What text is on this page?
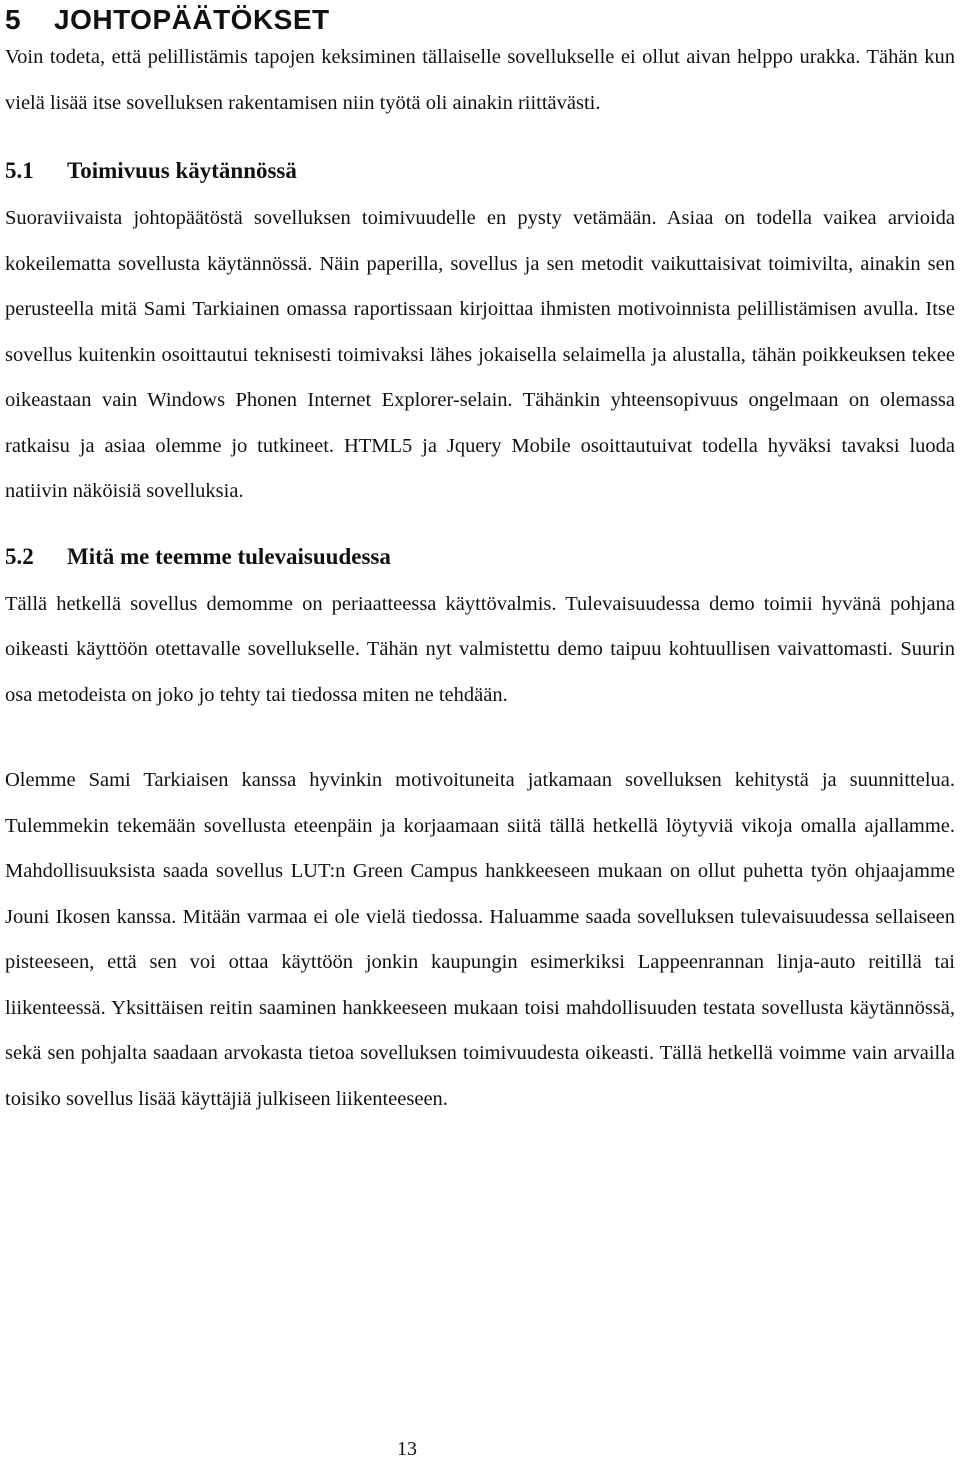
5 JOHTOPÄÄTÖKSET

Voin todeta, että pelillistämis tapojen keksiminen tällaiselle sovellukselle ei ollut aivan helppo urakka. Tähän kun vielä lisää itse sovelluksen rakentamisen niin työtä oli ainakin riittävästi.

5.1 Toimivuus käytännössä

Suoraviivaista johtopäätöstä sovelluksen toimivuudelle en pysty vetämään. Asiaa on todella vaikea arvioida kokeilematta sovellusta käytännössä. Näin paperilla, sovellus ja sen metodit vaikuttaisivat toimivilta, ainakin sen perusteella mitä Sami Tarkiainen omassa raportissaan kirjoittaa ihmisten motivoinnista pelillistämisen avulla. Itse sovellus kuitenkin osoittautui teknisesti toimivaksi lähes jokaisella selaimella ja alustalla, tähän poikkeuksen tekee oikeastaan vain Windows Phonen Internet Explorer-selain. Tähänkin yhteensopivuus ongelmaan on olemassa ratkaisu ja asiaa olemme jo tutkineet. HTML5 ja Jquery Mobile osoittautuivat todella hyväksi tavaksi luoda natiivin näköisiä sovelluksia.

5.2 Mitä me teemme tulevaisuudessa

Tällä hetkellä sovellus demomme on periaatteessa käyttövalmis. Tulevaisuudessa demo toimii hyvänä pohjana oikeasti käyttöön otettavalle sovellukselle. Tähän nyt valmistettu demo taipuu kohtuullisen vaivattomasti. Suurin osa metodeista on joko jo tehty tai tiedossa miten ne tehdään.

Olemme Sami Tarkiaisen kanssa hyvinkin motivoituneita jatkamaan sovelluksen kehitystä ja suunnittelua. Tulemmekin tekemään sovellusta eteenpäin ja korjaamaan siitä tällä hetkellä löytyviä vikoja omalla ajallamme. Mahdollisuuksista saada sovellus LUT:n Green Campus hankkeeseen mukaan on ollut puhetta työn ohjaajamme Jouni Ikosen kanssa. Mitään varmaa ei ole vielä tiedossa. Haluamme saada sovelluksen tulevaisuudessa sellaiseen pisteeseen, että sen voi ottaa käyttöön jonkin kaupungin esimerkiksi Lappeenrannan linja-auto reitillä tai liikenteessä. Yksittäisen reitin saaminen hankkeeseen mukaan toisi mahdollisuuden testata sovellusta käytännössä, sekä sen pohjalta saadaan arvokasta tietoa sovelluksen toimivuudesta oikeasti. Tällä hetkellä voimme vain arvailla toisiko sovellus lisää käyttäjiä julkiseen liikenteeseen.

13
